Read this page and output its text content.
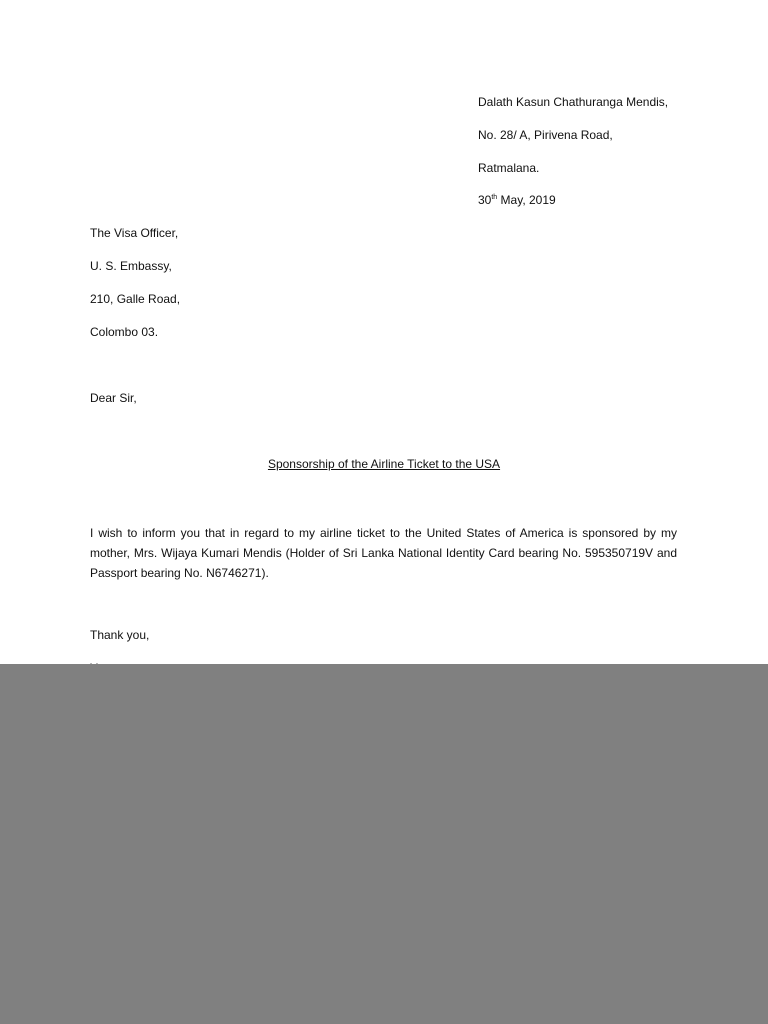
Dalath Kasun Chathuranga Mendis,
No. 28/ A, Pirivena Road,
Ratmalana.
30th May, 2019
The Visa Officer,
U. S. Embassy,
210, Galle Road,
Colombo 03.
Dear Sir,
Sponsorship of the Airline Ticket to the USA
I wish to inform you that in regard to my airline ticket to the United States of America is sponsored by my mother, Mrs. Wijaya Kumari Mendis (Holder of Sri Lanka National Identity Card bearing No. 595350719V and Passport bearing No. N6746271).
Thank you,
